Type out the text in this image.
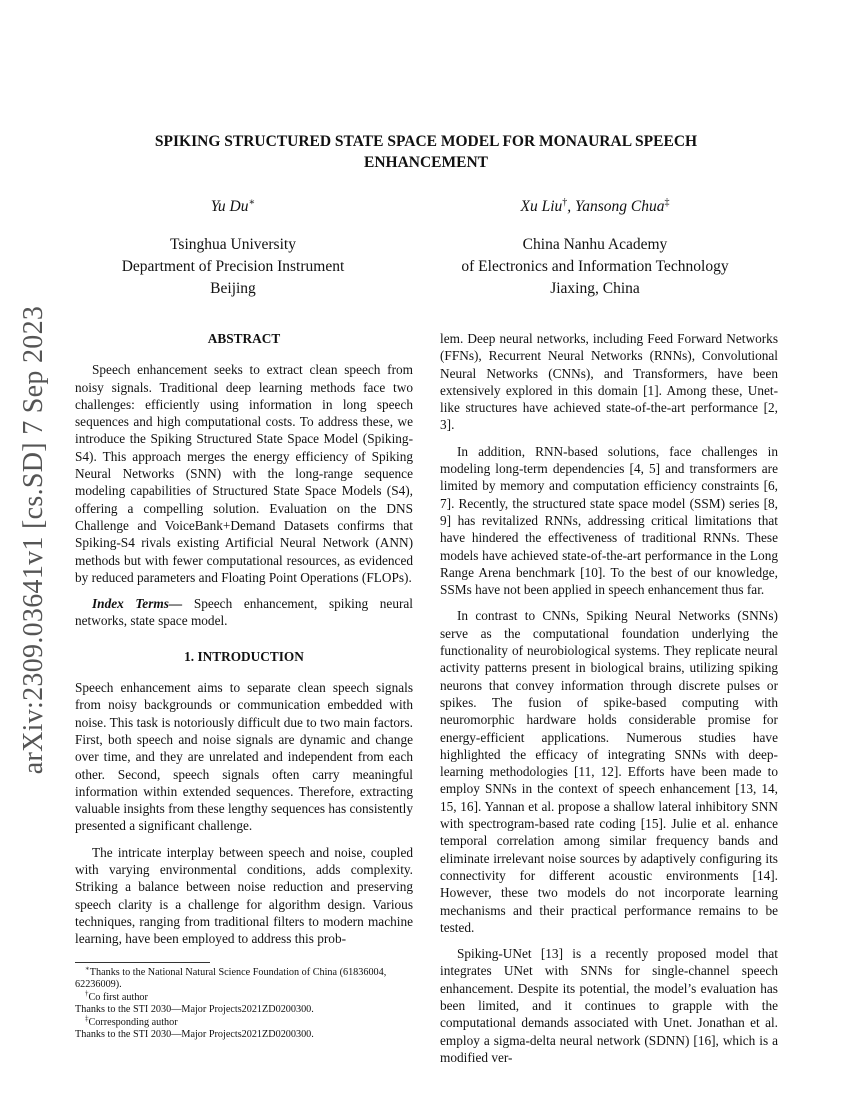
arXiv:2309.03641v1 [cs.SD] 7 Sep 2023
SPIKING STRUCTURED STATE SPACE MODEL FOR MONAURAL SPEECH
ENHANCEMENT
Yu Du∗
Tsinghua University
Department of Precision Instrument
Beijing
Xu Liu†, Yansong Chua‡
China Nanhu Academy
of Electronics and Information Technology
Jiaxing, China
ABSTRACT

Speech enhancement seeks to extract clean speech from noisy signals. Traditional deep learning methods face two challenges: efficiently using information in long speech sequences and high computational costs. To address these, we introduce the Spiking Structured State Space Model (Spiking-S4). This approach merges the energy efficiency of Spiking Neural Networks (SNN) with the long-range sequence modeling capabilities of Structured State Space Models (S4), offering a compelling solution. Evaluation on the DNS Challenge and VoiceBank+Demand Datasets confirms that Spiking-S4 rivals existing Artificial Neural Network (ANN) methods but with fewer computational resources, as evidenced by reduced parameters and Floating Point Operations (FLOPs).

Index Terms— Speech enhancement, spiking neural networks, state space model.

1. INTRODUCTION

Speech enhancement aims to separate clean speech signals from noisy backgrounds or communication embedded with noise. This task is notoriously difficult due to two main factors. First, both speech and noise signals are dynamic and change over time, and they are unrelated and independent from each other. Second, speech signals often carry meaningful information within extended sequences. Therefore, extracting valuable insights from these lengthy sequences has consistently presented a significant challenge.

The intricate interplay between speech and noise, coupled with varying environmental conditions, adds complexity. Striking a balance between noise reduction and preserving speech clarity is a challenge for algorithm design. Various techniques, ranging from traditional filters to modern machine learning, have been employed to address this prob-

∗Thanks to the National Natural Science Foundation of China (61836004, 62236009).

†Co first author

Thanks to the STI 2030—Major Projects2021ZD0200300.

‡Corresponding author

Thanks to the STI 2030—Major Projects2021ZD0200300.

lem. Deep neural networks, including Feed Forward Networks (FFNs), Recurrent Neural Networks (RNNs), Convolutional Neural Networks (CNNs), and Transformers, have been extensively explored in this domain [1]. Among these, Unet-like structures have achieved state-of-the-art performance [2, 3].

In addition, RNN-based solutions, face challenges in modeling long-term dependencies [4, 5] and transformers are limited by memory and computation efficiency constraints [6, 7]. Recently, the structured state space model (SSM) series [8, 9] has revitalized RNNs, addressing critical limitations that have hindered the effectiveness of traditional RNNs. These models have achieved state-of-the-art performance in the Long Range Arena benchmark [10]. To the best of our knowledge, SSMs have not been applied in speech enhancement thus far.

In contrast to CNNs, Spiking Neural Networks (SNNs) serve as the computational foundation underlying the functionality of neurobiological systems. They replicate neural activity patterns present in biological brains, utilizing spiking neurons that convey information through discrete pulses or spikes. The fusion of spike-based computing with neuromorphic hardware holds considerable promise for energy-efficient applications. Numerous studies have highlighted the efficacy of integrating SNNs with deep-learning methodologies [11, 12]. Efforts have been made to employ SNNs in the context of speech enhancement [13, 14, 15, 16]. Yannan et al. propose a shallow lateral inhibitory SNN with spectrogram-based rate coding [15]. Julie et al. enhance temporal correlation among similar frequency bands and eliminate irrelevant noise sources by adaptively configuring its connectivity for different acoustic environments [14]. However, these two models do not incorporate learning mechanisms and their practical performance remains to be tested.

Spiking-UNet [13] is a recently proposed model that integrates UNet with SNNs for single-channel speech enhancement. Despite its potential, the model’s evaluation has been limited, and it continues to grapple with the computational demands associated with Unet. Jonathan et al. employ a sigma-delta neural network (SDNN) [16], which is a modified ver-
